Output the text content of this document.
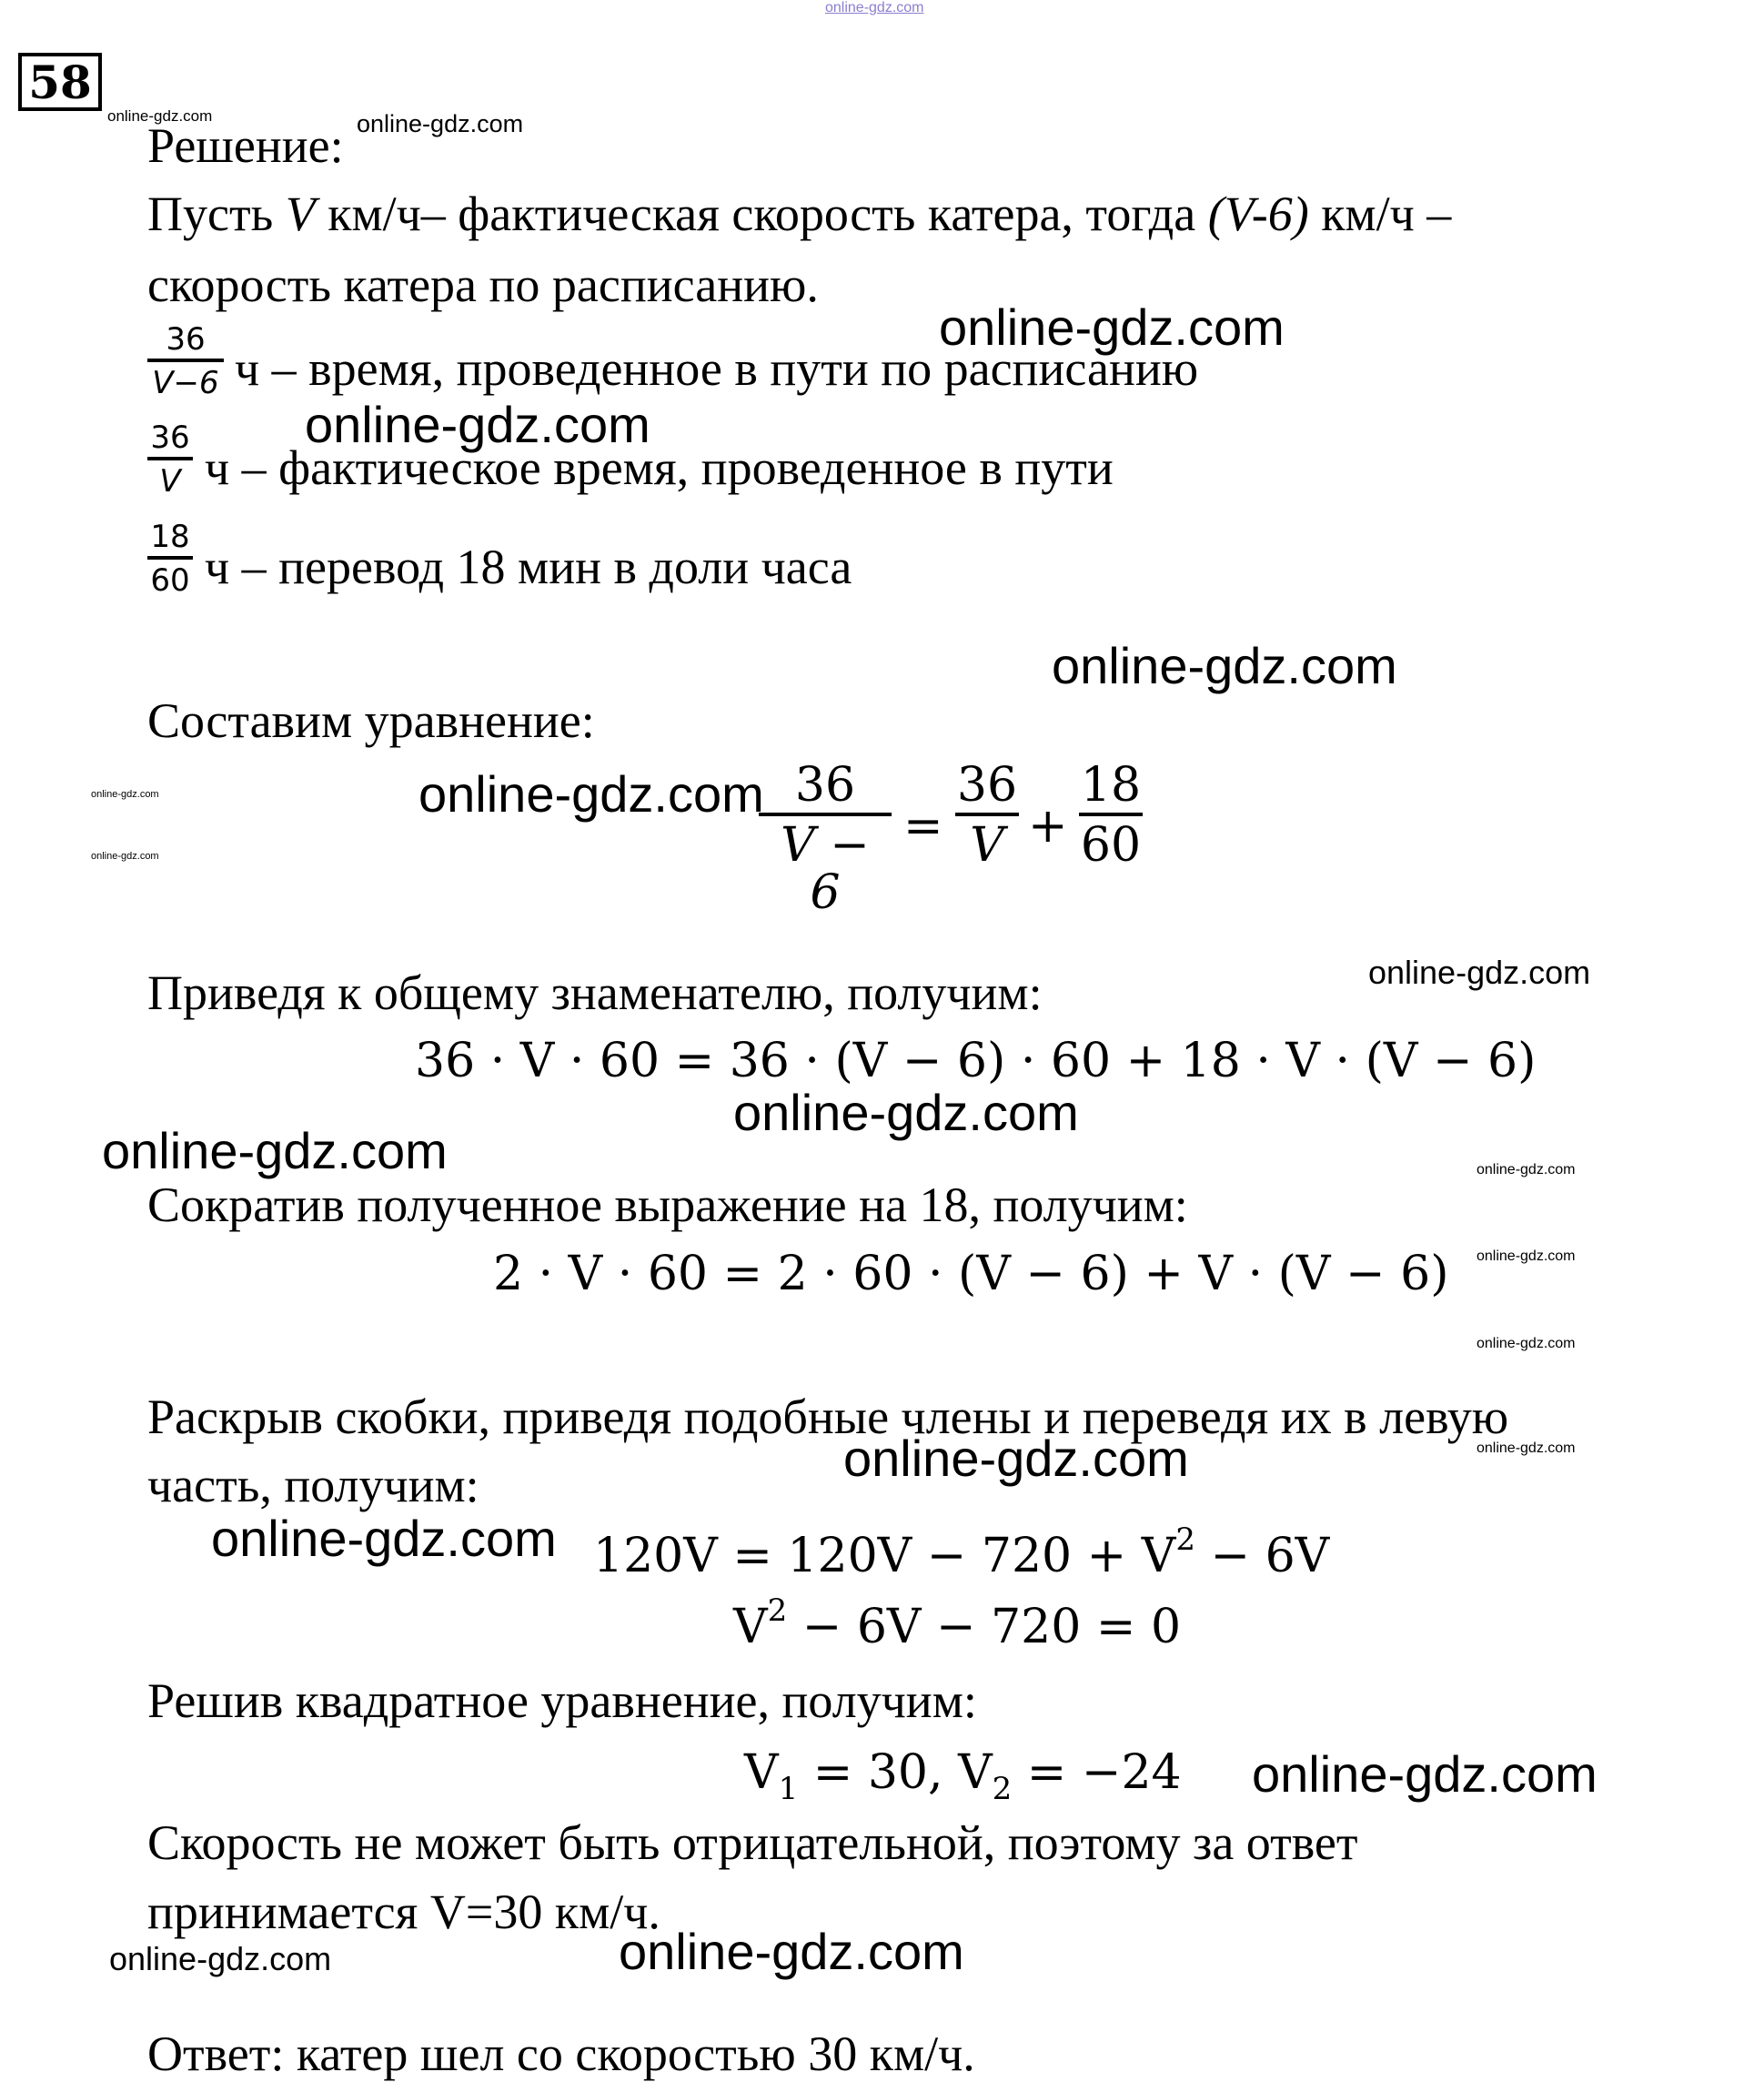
online-gdz.com
58
online-gdz.com	online-gdz.com
online-gdz.com
online-gdz.com
online-gdz.com
online-gdz.com	online-gdz.com
online-gdz.com
online-gdz.com
online-gdz.com
online-gdz.com	online-gdz.com
online-gdz.com
online-gdz.com
online-gdz.com
online-gdz.com
online-gdz.com
online-gdz.com
online-gdz.com	online-gdz.com
Решение:
Пусть V км/ч– фактическая скорость катера, тогда (V-6) км/ч –
скорость катера по расписанию.
36
V−6 ч – время, проведенное в пути по расписанию
36
V ч – фактическое время, проведенное в пути
18
60 ч – перевод 18 мин в доли часа
Составим уравнение:
36
V − 6
=
36
V +
18
60
Приведя к общему знаменателю, получим:
36 · V · 60 = 36 · (V − 6) · 60 + 18 · V · (V − 6)
Сократив полученное выражение на 18, получим:
2 · V · 60 = 2 · 60 · (V − 6) + V · (V − 6)
Раскрыв скобки, приведя подобные члены и переведя их в левую
часть, получим:
$120V = 120V - 720 + V^2 - 6V$
$V^2 - 6V - 720 = 0$
Решив квадратное уравнение, получим:
$V_1 = 30$, $V_2 = -24$
Скорость не может быть отрицательной, поэтому за ответ
принимается V=30 км/ч.
Ответ: катер шел со скоростью 30 км/ч.
